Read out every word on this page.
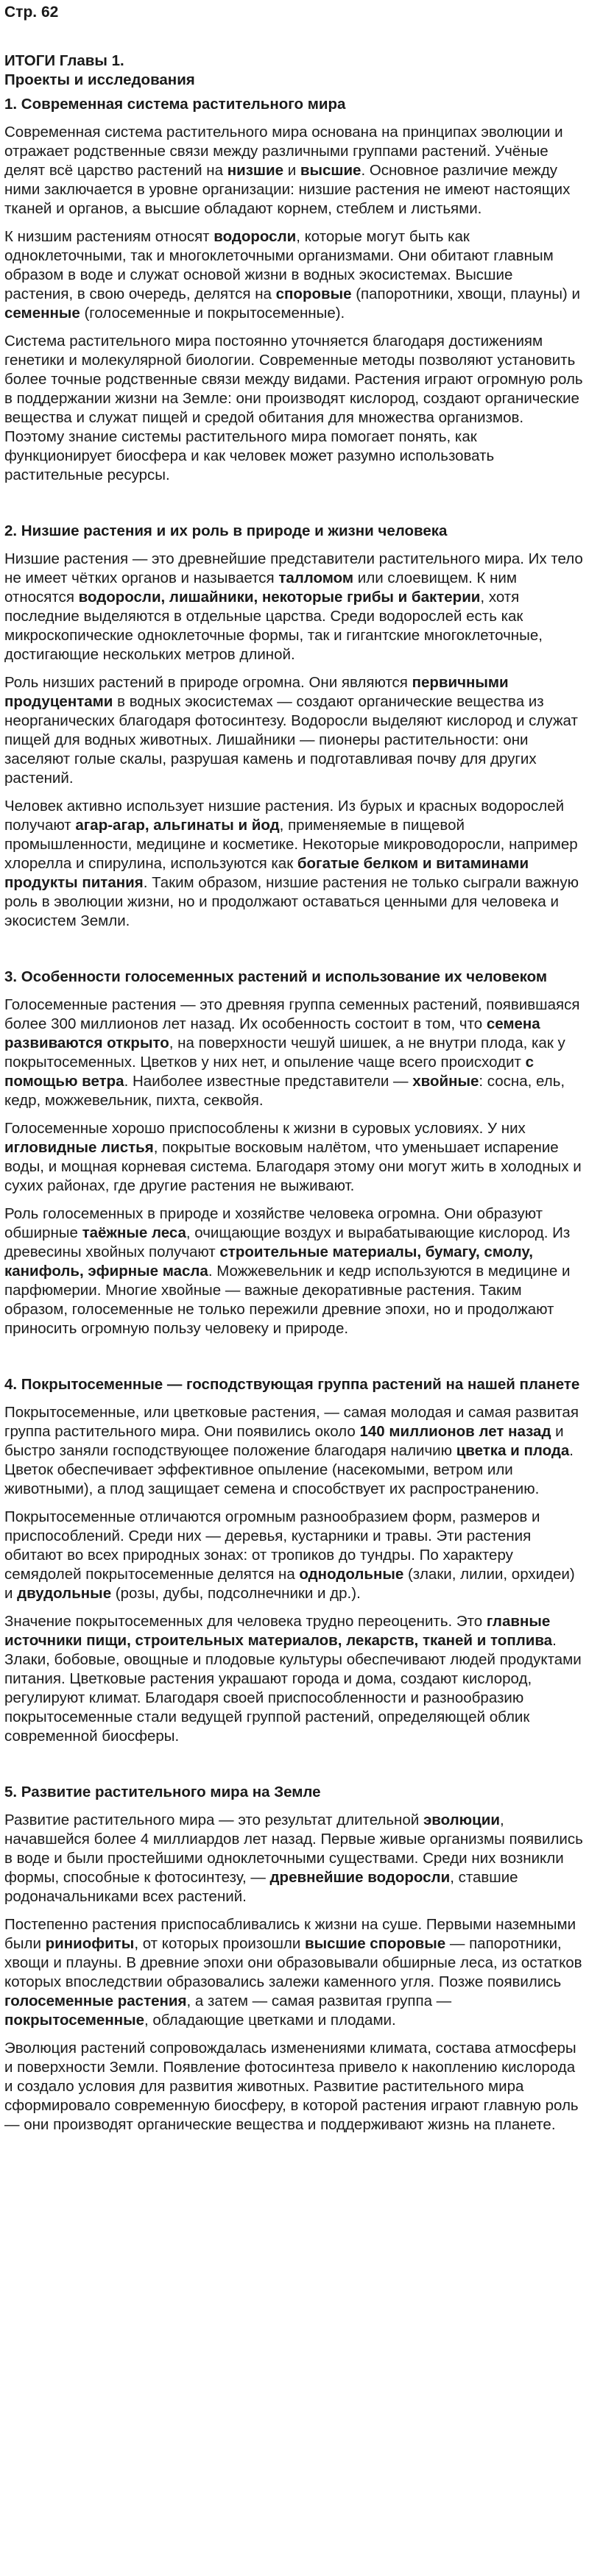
Стр. 62
ИТОГИ Главы 1.
Проекты и исследования
1. Современная система растительного мира

Современная система растительного мира основана на принципах эволюции и отражает родственные связи между различными группами растений. Учёные делят всё царство растений на низшие и высшие. Основное различие между ними заключается в уровне организации: низшие растения не имеют настоящих тканей и органов, а высшие обладают корнем, стеблем и листьями.

К низшим растениям относят водоросли, которые могут быть как одноклеточными, так и многоклеточными организмами. Они обитают главным образом в воде и служат основой жизни в водных экосистемах. Высшие растения, в свою очередь, делятся на споровые (папоротники, хвощи, плауны) и семенные (голосеменные и покрытосеменные).

Система растительного мира постоянно уточняется благодаря достижениям генетики и молекулярной биологии. Современные методы позволяют установить более точные родственные связи между видами. Растения играют огромную роль в поддержании жизни на Земле: они производят кислород, создают органические вещества и служат пищей и средой обитания для множества организмов. Поэтому знание системы растительного мира помогает понять, как функционирует биосфера и как человек может разумно использовать растительные ресурсы.

2. Низшие растения и их роль в природе и жизни человека

Низшие растения — это древнейшие представители растительного мира. Их тело не имеет чётких органов и называется талломом или слоевищем. К ним относятся водоросли, лишайники, некоторые грибы и бактерии, хотя последние выделяются в отдельные царства. Среди водорослей есть как микроскопические одноклеточные формы, так и гигантские многоклеточные, достигающие нескольких метров длиной.

Роль низших растений в природе огромна. Они являются первичными продуцентами в водных экосистемах — создают органические вещества из неорганических благодаря фотосинтезу. Водоросли выделяют кислород и служат пищей для водных животных. Лишайники — пионеры растительности: они заселяют голые скалы, разрушая камень и подготавливая почву для других растений.

Человек активно использует низшие растения. Из бурых и красных водорослей получают агар-агар, альгинаты и йод, применяемые в пищевой промышленности, медицине и косметике. Некоторые микроводоросли, например хлорелла и спирулина, используются как богатые белком и витаминами продукты питания. Таким образом, низшие растения не только сыграли важную роль в эволюции жизни, но и продолжают оставаться ценными для человека и экосистем Земли.

3. Особенности голосеменных растений и использование их человеком

Голосеменные растения — это древняя группа семенных растений, появившаяся более 300 миллионов лет назад. Их особенность состоит в том, что семена развиваются открыто, на поверхности чешуй шишек, а не внутри плода, как у покрытосеменных. Цветков у них нет, и опыление чаще всего происходит с помощью ветра. Наиболее известные представители — хвойные: сосна, ель, кедр, можжевельник, пихта, секвойя.

Голосеменные хорошо приспособлены к жизни в суровых условиях. У них игловидные листья, покрытые восковым налётом, что уменьшает испарение воды, и мощная корневая система. Благодаря этому они могут жить в холодных и сухих районах, где другие растения не выживают.

Роль голосеменных в природе и хозяйстве человека огромна. Они образуют обширные таёжные леса, очищающие воздух и вырабатывающие кислород. Из древесины хвойных получают строительные материалы, бумагу, смолу, канифоль, эфирные масла. Можжевельник и кедр используются в медицине и парфюмерии. Многие хвойные — важные декоративные растения. Таким образом, голосеменные не только пережили древние эпохи, но и продолжают приносить огромную пользу человеку и природе.

4. Покрытосеменные — господствующая группа растений на нашей планете

Покрытосеменные, или цветковые растения, — самая молодая и самая развитая группа растительного мира. Они появились около 140 миллионов лет назад и быстро заняли господствующее положение благодаря наличию цветка и плода. Цветок обеспечивает эффективное опыление (насекомыми, ветром или животными), а плод защищает семена и способствует их распространению.

Покрытосеменные отличаются огромным разнообразием форм, размеров и приспособлений. Среди них — деревья, кустарники и травы. Эти растения обитают во всех природных зонах: от тропиков до тундры. По характеру семядолей покрытосеменные делятся на однодольные (злаки, лилии, орхидеи) и двудольные (розы, дубы, подсолнечники и др.).

Значение покрытосеменных для человека трудно переоценить. Это главные источники пищи, строительных материалов, лекарств, тканей и топлива. Злаки, бобовые, овощные и плодовые культуры обеспечивают людей продуктами питания. Цветковые растения украшают города и дома, создают кислород, регулируют климат. Благодаря своей приспособленности и разнообразию покрытосеменные стали ведущей группой растений, определяющей облик современной биосферы.

5. Развитие растительного мира на Земле

Развитие растительного мира — это результат длительной эволюции, начавшейся более 4 миллиардов лет назад. Первые живые организмы появились в воде и были простейшими одноклеточными существами. Среди них возникли формы, способные к фотосинтезу, — древнейшие водоросли, ставшие родоначальниками всех растений.

Постепенно растения приспосабливались к жизни на суше. Первыми наземными были риниофиты, от которых произошли высшие споровые — папоротники, хвощи и плауны. В древние эпохи они образовывали обширные леса, из остатков которых впоследствии образовались залежи каменного угля. Позже появились голосеменные растения, а затем — самая развитая группа — покрытосеменные, обладающие цветками и плодами.

Эволюция растений сопровождалась изменениями климата, состава атмосферы и поверхности Земли. Появление фотосинтеза привело к накоплению кислорода и создало условия для развития животных. Развитие растительного мира сформировало современную биосферу, в которой растения играют главную роль — они производят органические вещества и поддерживают жизнь на планете.
